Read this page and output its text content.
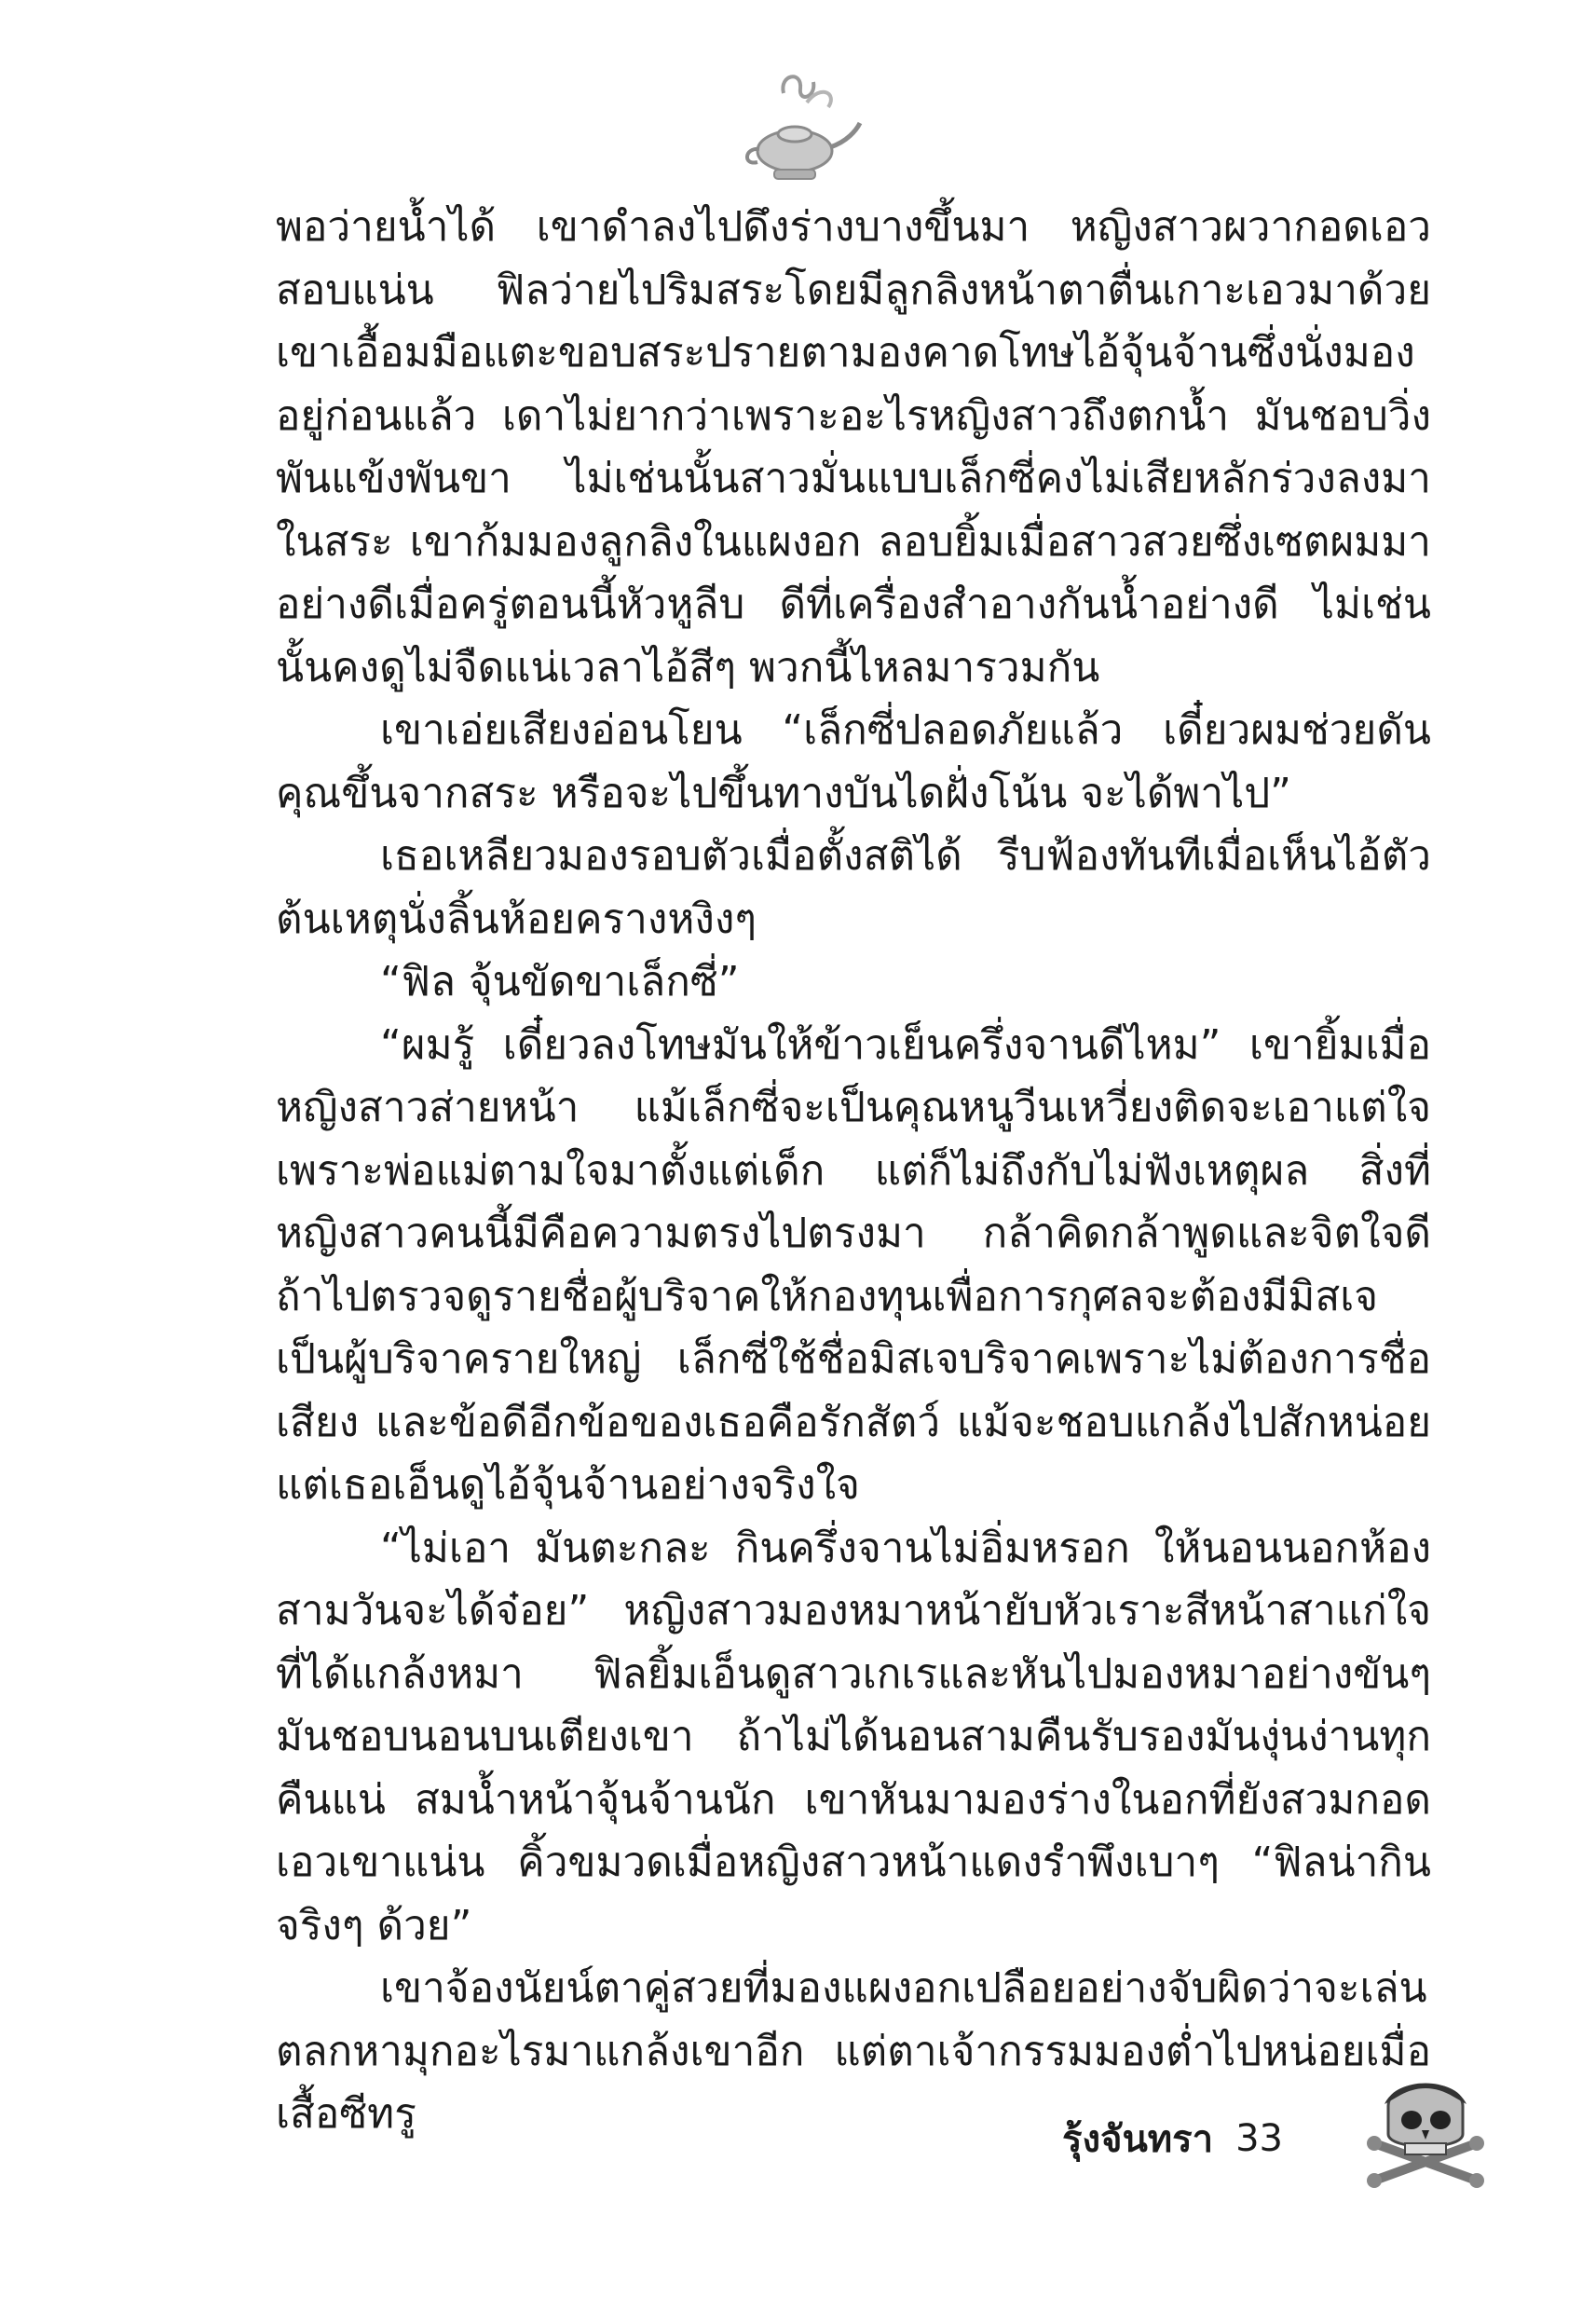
พอว่ายน้ำได้ เขาดำลงไปดึงร่างบางขึ้นมา หญิงสาวผวากอดเอวสอบแน่น ฟิลว่ายไปริมสระโดยมีลูกลิงหน้าตาตื่นเกาะเอวมาด้วย เขาเอื้อมมือแตะขอบสระปรายตามองคาดโทษไอ้จุ้นจ้านซึ่งนั่งมองอยู่ก่อนแล้ว เดาไม่ยากว่าเพราะอะไรหญิงสาวถึงตกน้ำ มันชอบวิ่งพันแข้งพันขา ไม่เช่นนั้นสาวมั่นแบบเล็กซี่คงไม่เสียหลักร่วงลงมาในสระ เขาก้มมองลูกลิงในแผงอก ลอบยิ้มเมื่อสาวสวยซึ่งเซตผมมาอย่างดีเมื่อครู่ตอนนี้หัวหูลีบ ดีที่เครื่องสำอางกันน้ำอย่างดี ไม่เช่นนั้นคงดูไม่จืดแน่เวลาไอ้สีๆ พวกนี้ไหลมารวมกัน

เขาเอ่ยเสียงอ่อนโยน “เล็กซี่ปลอดภัยแล้ว เดี๋ยวผมช่วยดันคุณขึ้นจากสระ หรือจะไปขึ้นทางบันไดฝั่งโน้น จะได้พาไป”

เธอเหลียวมองรอบตัวเมื่อตั้งสติได้ รีบฟ้องทันทีเมื่อเห็นไอ้ตัวต้นเหตุนั่งลิ้นห้อยครางหงิงๆ

“ฟิล จุ้นขัดขาเล็กซี่”

“ผมรู้ เดี๋ยวลงโทษมันให้ข้าวเย็นครึ่งจานดีไหม” เขายิ้มเมื่อหญิงสาวส่ายหน้า แม้เล็กซี่จะเป็นคุณหนูวีนเหวี่ยงติดจะเอาแต่ใจเพราะพ่อแม่ตามใจมาตั้งแต่เด็ก แต่ก็ไม่ถึงกับไม่ฟังเหตุผล สิ่งที่หญิงสาวคนนี้มีคือความตรงไปตรงมา กล้าคิดกล้าพูดและจิตใจดี ถ้าไปตรวจดูรายชื่อผู้บริจาคให้กองทุนเพื่อการกุศลจะต้องมีมิสเจเป็นผู้บริจาครายใหญ่ เล็กซี่ใช้ชื่อมิสเจบริจาคเพราะไม่ต้องการชื่อเสียง และข้อดีอีกข้อของเธอคือรักสัตว์ แม้จะชอบแกล้งไปสักหน่อย แต่เธอเอ็นดูไอ้จุ้นจ้านอย่างจริงใจ

“ไม่เอา มันตะกละ กินครึ่งจานไม่อิ่มหรอก ให้นอนนอกห้องสามวันจะได้จ๋อย” หญิงสาวมองหมาหน้ายับหัวเราะสีหน้าสาแก่ใจที่ได้แกล้งหมา ฟิลยิ้มเอ็นดูสาวเกเรและหันไปมองหมาอย่างขันๆ มันชอบนอนบนเตียงเขา ถ้าไม่ได้นอนสามคืนรับรองมันงุ่นง่านทุกคืนแน่ สมน้ำหน้าจุ้นจ้านนัก เขาหันมามองร่างในอกที่ยังสวมกอดเอวเขาแน่น คิ้วขมวดเมื่อหญิงสาวหน้าแดงรำพึงเบาๆ “ฟิลน่ากินจริงๆ ด้วย”

เขาจ้องนัยน์ตาคู่สวยที่มองแผงอกเปลือยอย่างจับผิดว่าจะเล่นตลกหามุกอะไรมาแกล้งเขาอีก แต่ตาเจ้ากรรมมองต่ำไปหน่อยเมื่อเสื้อซีทรู

รุ้งจันทรา 33
